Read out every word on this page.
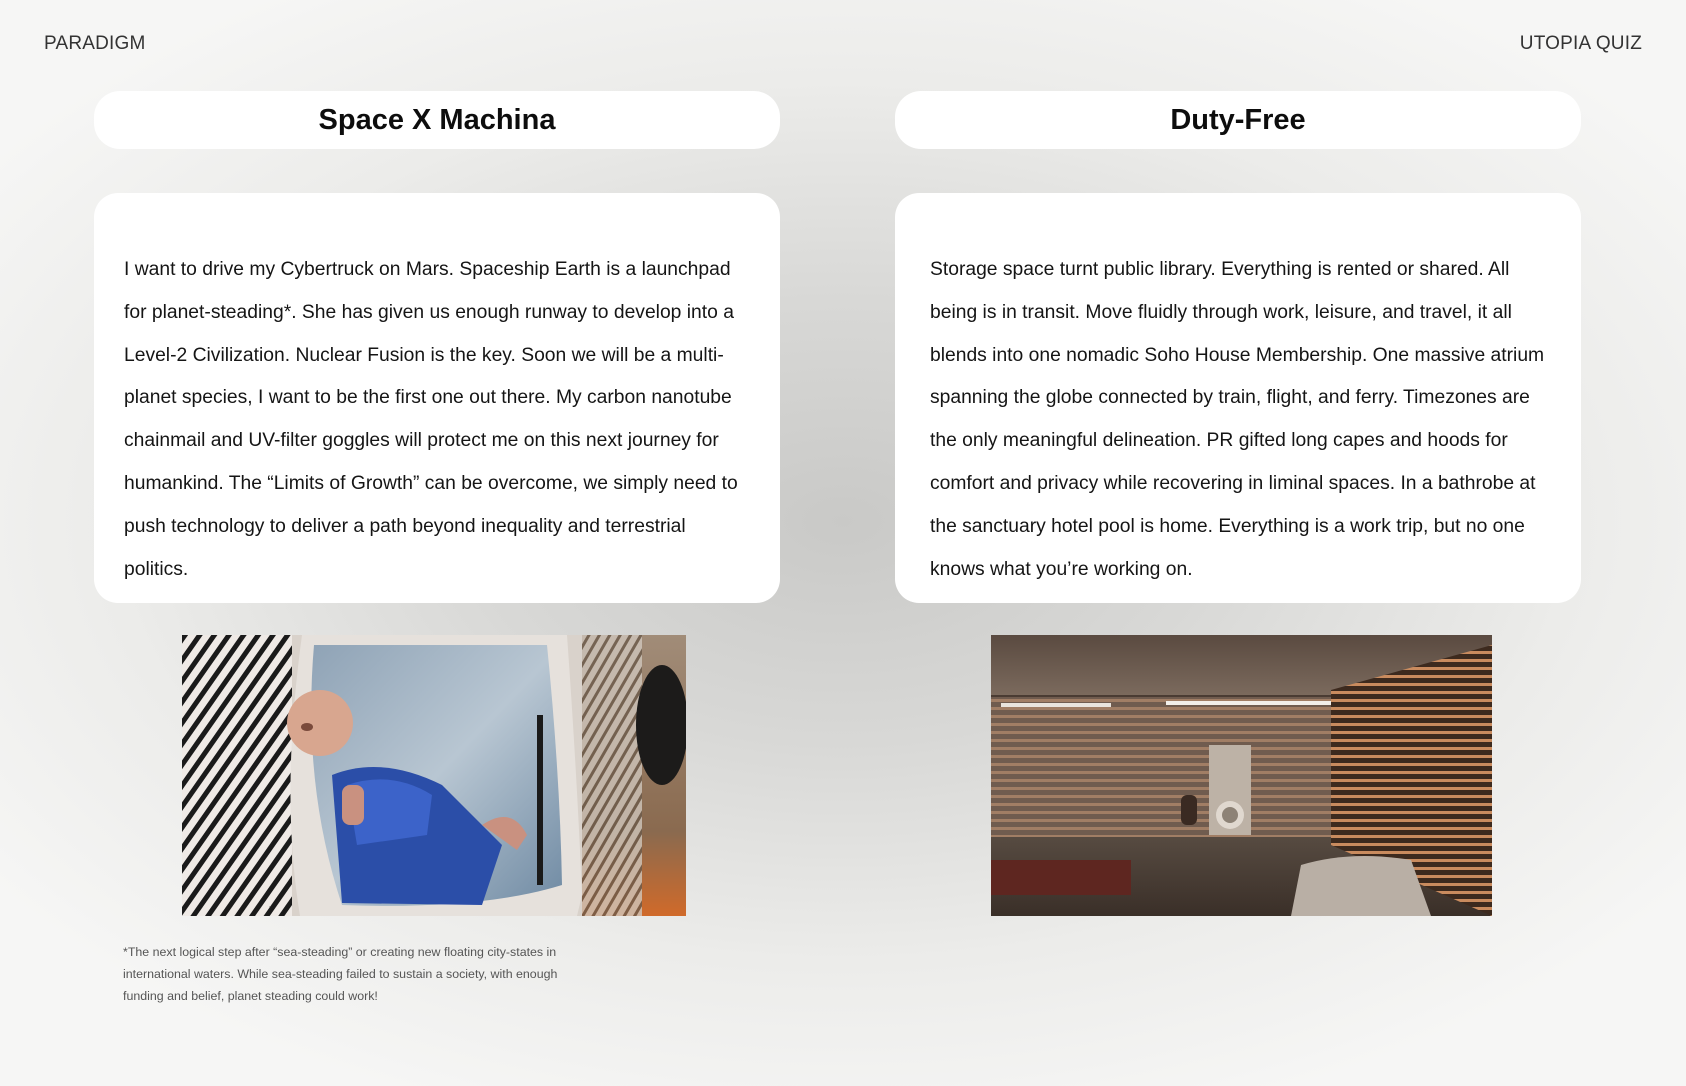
PARADIGM	UTOPIA QUIZ
Space X Machina

I want to drive my Cybertruck on Mars. Spaceship Earth is a launchpad for planet-steading*. She has given us enough runway to develop into a Level-2 Civilization. Nuclear Fusion is the key. Soon we will be a multi-planet species, I want to be the first one out there. My carbon nanotube chainmail and UV-filter goggles will protect me on this next journey for humankind. The “Limits of Growth” can be overcome, we simply need to push technology to deliver a path beyond inequality and terrestrial politics.

Duty-Free

Storage space turnt public library. Everything is rented or shared. All being is in transit. Move fluidly through work, leisure, and travel, it all blends into one nomadic Soho House Membership. One massive atrium spanning the globe connected by train, flight, and ferry. Timezones are the only meaningful delineation. PR gifted long capes and hoods for comfort and privacy while recovering in liminal spaces. In a bathrobe at the sanctuary hotel pool is home. Everything is a work trip, but no one knows what you’re working on.

*The next logical step after “sea-steading” or creating new floating city-states in international waters. While sea-steading failed to sustain a society, with enough funding and belief, planet steading could work!
